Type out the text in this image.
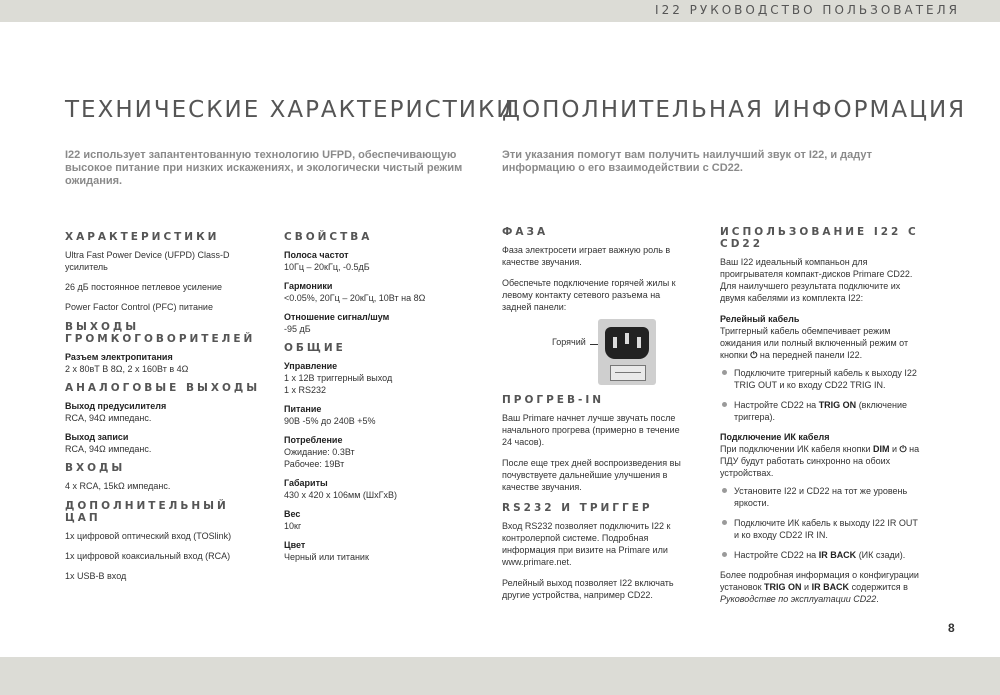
I22 РУКОВОДСТВО ПОЛЬЗОВАТЕЛЯ
ТЕХНИЧЕСКИЕ ХАРАКТЕРИСТИКИ
I22 использует запантентованную технологию UFPD, обеспечивающую высокое питание при низких искажениях, и экологически чистый режим ожидания.
ХАРАКТЕРИСТИКИ
Ultra Fast Power Device (UFPD) Class-D усилитель
26 дБ постоянное петлевое усиление
Power Factor Control (PFC) питание
ВЫХОДЫ ГРОМКОГОВОРИТЕЛЕЙ
Разъем электропитания
2 x 80вТ В 8Ω, 2 x 160Вт в 4Ω
АНАЛОГОВЫЕ ВЫХОДЫ
Выход предусилителя
RCA, 94Ω импеданс.
Выход записи
RCA, 94Ω импеданс.
ВХОДЫ
4 x RCA, 15kΩ импеданс.
ДОПОЛНИТЕЛЬНЫЙ ЦАП
1x цифровой оптический вход (TOSlink)
1x цифровой коаксиальный вход (RCA)
1x USB-B вход
СВОЙСТВА
Полоса частот
10Гц – 20кГц, -0.5дБ
Гармоники
<0.05%, 20Гц – 20кГц, 10Вт на 8Ω
Отношение сигнал/шум
-95 дБ
ОБЩИЕ
Управление
1 x 12В триггерный выход
1 x RS232
Питание
90В -5% до 240В +5%
Потребление
Ожидание: 0.3Вт
Рабочее: 19Вт
Габариты
430 x 420 x 106мм (ШxГxВ)
Вес
10кг
Цвет
Черный или титаник
ДОПОЛНИТЕЛЬНАЯ ИНФОРМАЦИЯ
Эти указания помогут вам получить наилучший звук от I22, и дадут информацию о его взаимодействии с CD22.
ФАЗА
Фаза электросети играет важную роль в качестве звучания.
Обеспечьте подключение горячей жилы к левому контакту сетевого разъема на задней панели:
ПРОГРЕВ-IN
Ваш Primare начнет лучше звучать после начального прогрева (примерно в течение 24 часов).
После еще трех дней воспроизведения вы почувствуете дальнейшие улучшения в качестве звучания.
RS232 И ТРИГГЕР
Вход RS232 позволяет подключить I22 к контролерпой системе. Подробная информация при визите на Primare или www.primare.net.
Релейный выход позволяет I22 включать другие устройства, например CD22.
Горячий
ИСПОЛЬЗОВАНИЕ I22 С CD22
Ваш I22 идеальный компаньон для проигрывателя компакт-дисков Primare CD22. Для наилучшего результата подключите их двумя кабелями из комплекта I22:
Релейный кабель
Триггерный кабель обемпечивает режим ожидания или полный включенный режим от кнопки ⏻ на передней панели I22.
Подключите тригерный кабель к выходу I22 TRIG OUT и ко входу CD22 TRIG IN.
Настройте CD22 на TRIG ON (включение триггера).
Подключение ИК кабеля
При подключении ИК кабеля кнопки DIM и ⏻ на ПДУ будут работать синхронно на обоих устройствах.
Установите I22 и CD22 на тот же уровень яркости.
Подключите ИК кабель к выходу I22 IR OUT и ко входу CD22 IR IN.
Настройте CD22 на IR BACK (ИК сзади).
Более подробная информация о конфигурации установок TRIG ON и IR BACK содержится в Руководстве по эксплуатации CD22.
8
